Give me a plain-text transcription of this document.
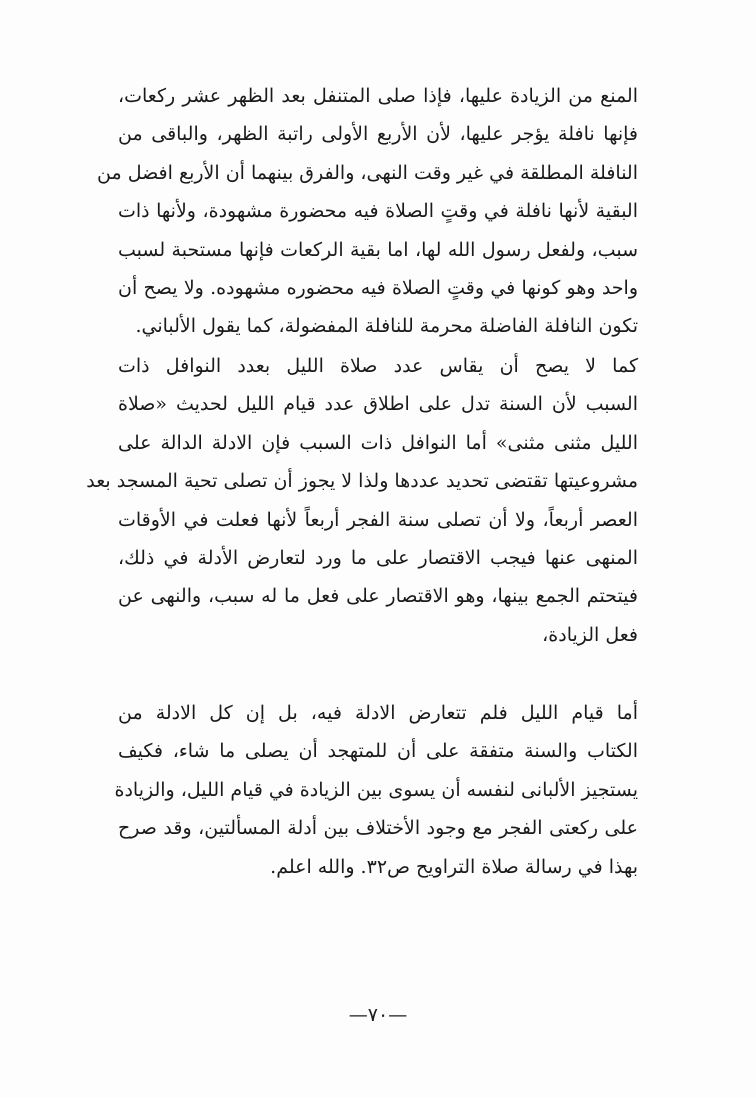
المنع من الزيادة عليها، فإذا صلى المتنفل بعد الظهر عشر ركعات،
فإنها نافلة يؤجر عليها، لأن الأربع الأولى راتبة الظهر، والباقى من
النافلة المطلقة في غير وقت النهى، والفرق بينهما أن الأربع افضل من
البقية لأنها نافلة في وقتٍ الصلاة فيه محضورة مشهودة، ولأنها ذات
سبب، ولفعل رسول الله لها، اما بقية الركعات فإنها مستحبة لسبب
واحد وهو كونها في وقتٍ الصلاة فيه محضوره مشهوده. ولا يصح أن
تكون النافلة الفاضلة محرمة للنافلة المفضولة، كما يقول الألباني.
كما لا يصح أن يقاس عدد صلاة الليل بعدد النوافل ذات
السبب لأن السنة تدل على اطلاق عدد قيام الليل لحديث «صلاة
الليل مثنى مثنى» أما النوافل ذات السبب فإن الادلة الدالة على
مشروعيتها تقتضى تحديد عددها ولذا لا يجوز أن تصلى تحية المسجد بعد
العصر أربعاً، ولا أن تصلى سنة الفجر أربعاً لأنها فعلت في الأوقات
المنهى عنها فيجب الاقتصار على ما ورد لتعارض الأدلة في ذلك،
فيتحتم الجمع بينها، وهو الاقتصار على فعل ما له سبب، والنهى عن
فعل الزيادة،
أما قيام الليل فلم تتعارض الادلة فيه، بل إن كل الادلة من
الكتاب والسنة متفقة على أن للمتهجد أن يصلى ما شاء، فكيف
يستجيز الألبانى لنفسه أن يسوى بين الزيادة في قيام الليل، والزيادة
على ركعتى الفجر مع وجود الأختلاف بين أدلة المسألتين، وقد صرح
بهذا في رسالة صلاة التراويح ص٣٢. والله اعلم.
—٧٠—
